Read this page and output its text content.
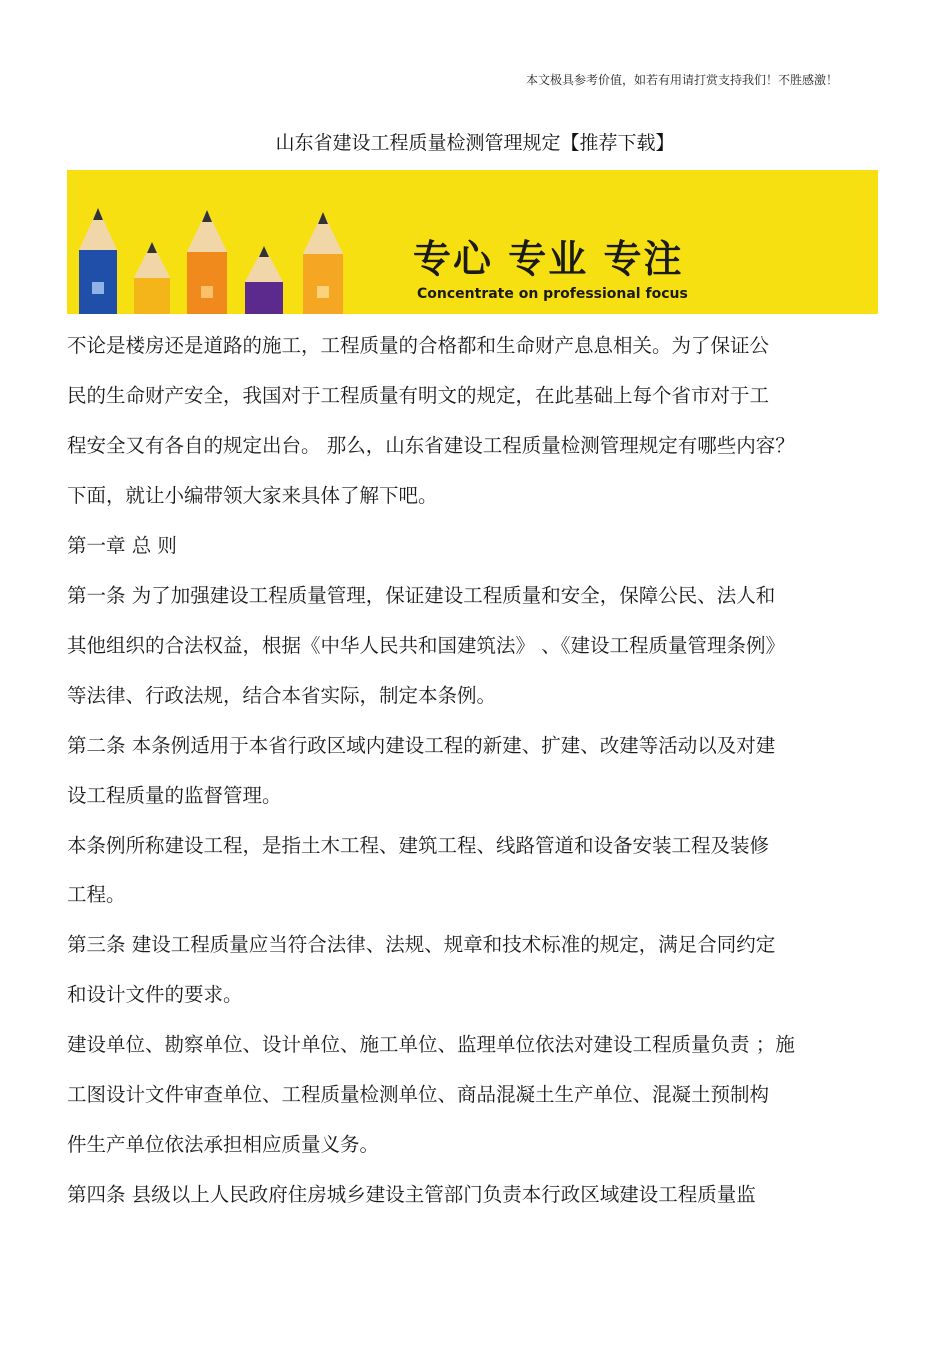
本文极具参考价值，如若有用请打赏支持我们！不胜感激！
山东省建设工程质量检测管理规定【推荐下载】
专心 专业 专注
Concentrate on professional focus
不论是楼房还是道路的施工，工程质量的合格都和生命财产息息相关。为了保证公
民的生命财产安全，我国对于工程质量有明文的规定，在此基础上每个省市对于工
程安全又有各自的规定出台。 那么，山东省建设工程质量检测管理规定有哪些内容？
下面，就让小编带领大家来具体了解下吧。
第一章 总 则
第一条 为了加强建设工程质量管理，保证建设工程质量和安全，保障公民、法人和
其他组织的合法权益，根据《中华人民共和国建筑法》 、《建设工程质量管理条例》
等法律、行政法规，结合本省实际，制定本条例。
第二条 本条例适用于本省行政区域内建设工程的新建、扩建、改建等活动以及对建
设工程质量的监督管理。
本条例所称建设工程，是指土木工程、建筑工程、线路管道和设备安装工程及装修
工程。
第三条 建设工程质量应当符合法律、法规、规章和技术标准的规定，满足合同约定
和设计文件的要求。
建设单位、勘察单位、设计单位、施工单位、监理单位依法对建设工程质量负责 ；施
工图设计文件审查单位、工程质量检测单位、商品混凝土生产单位、混凝土预制构
件生产单位依法承担相应质量义务。
第四条 县级以上人民政府住房城乡建设主管部门负责本行政区域建设工程质量监
